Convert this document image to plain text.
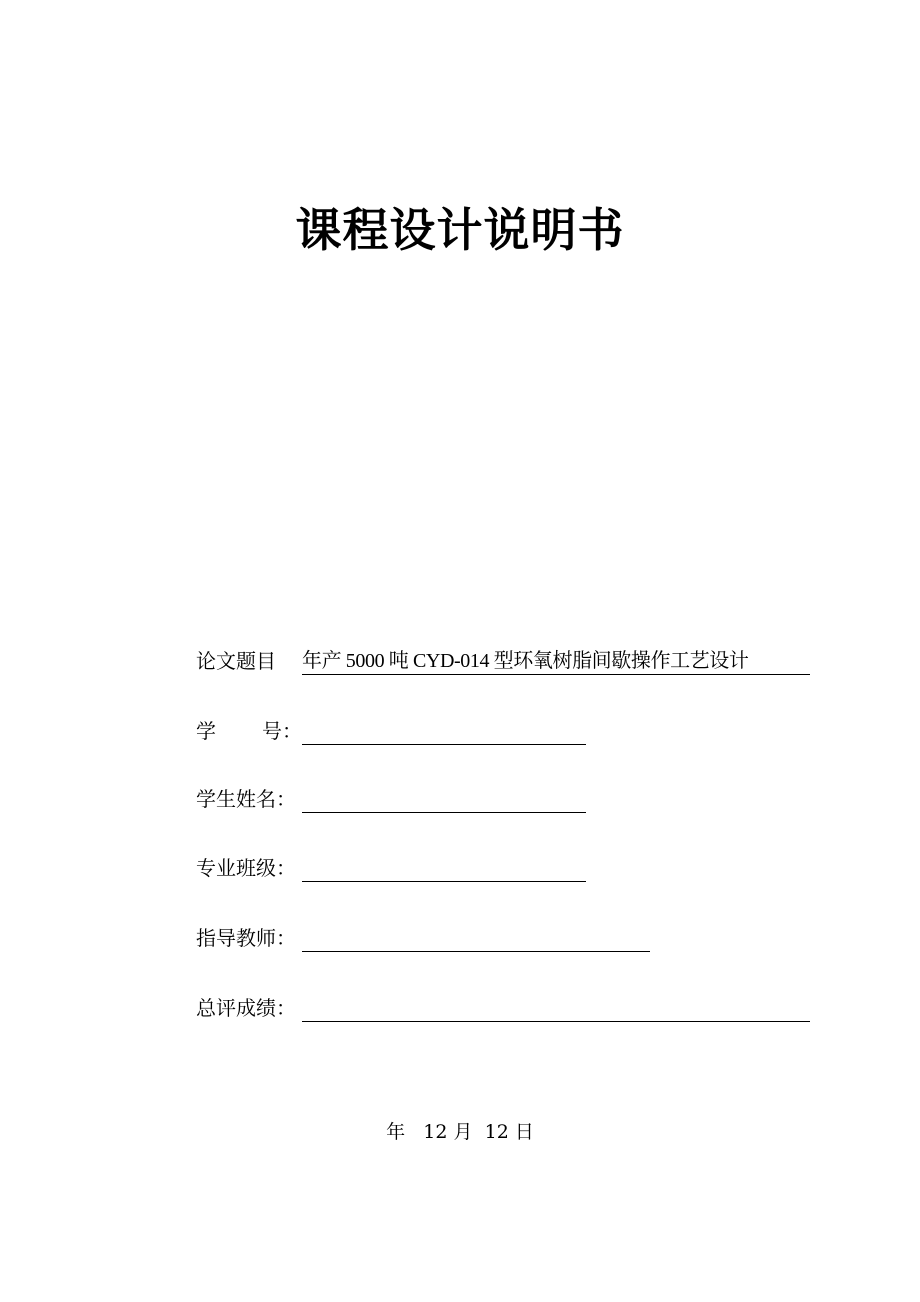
课程设计说明书
论文题目 年产 5000 吨 CYD-014 型环氧树脂间歇操作工艺设计
学 号：
学生姓名：
专业班级：
指导教师：
总评成绩：
年 12 月 12 日
